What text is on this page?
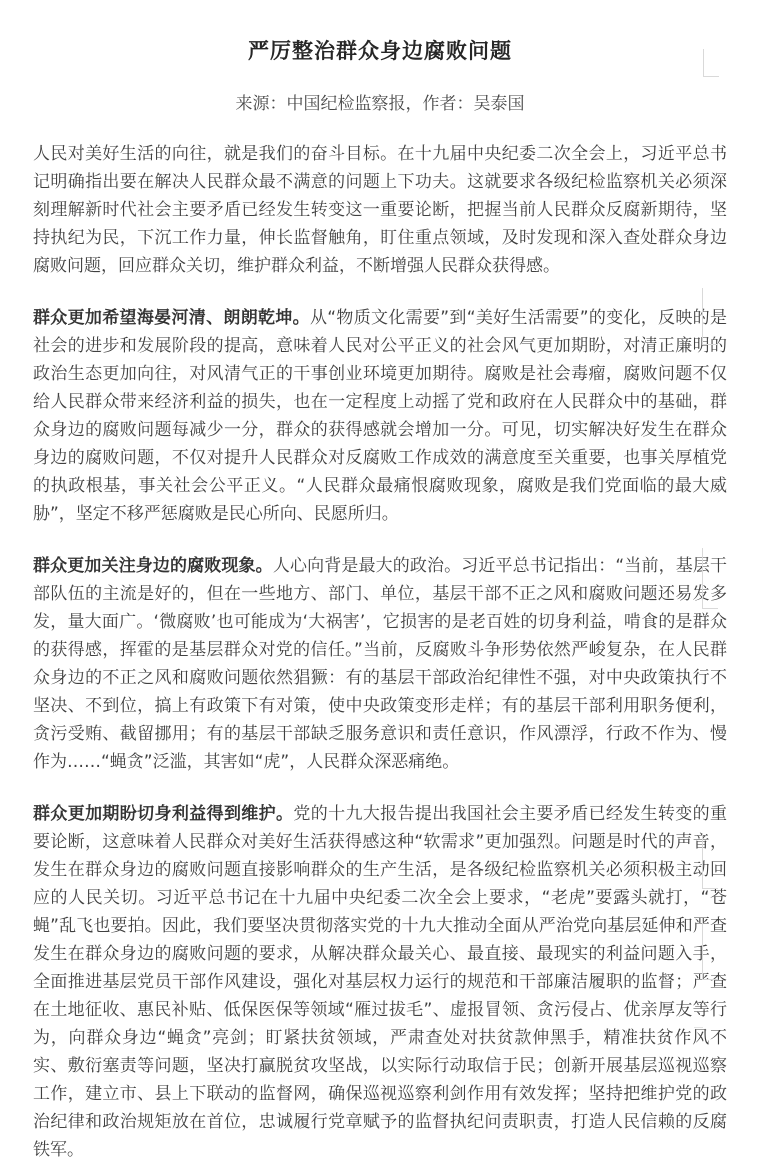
严厉整治群众身边腐败问题

来源：中国纪检监察报，作者：吴泰国

人民对美好生活的向往，就是我们的奋斗目标。在十九届中央纪委二次全会上，习近平总书记明确指出要在解决人民群众最不满意的问题上下功夫。这就要求各级纪检监察机关必须深刻理解新时代社会主要矛盾已经发生转变这一重要论断，把握当前人民群众反腐新期待，坚持执纪为民，下沉工作力量，伸长监督触角，盯住重点领域，及时发现和深入查处群众身边腐败问题，回应群众关切，维护群众利益，不断增强人民群众获得感。

群众更加希望海晏河清、朗朗乾坤。从“物质文化需要”到“美好生活需要”的变化，反映的是社会的进步和发展阶段的提高，意味着人民对公平正义的社会风气更加期盼，对清正廉明的政治生态更加向往，对风清气正的干事创业环境更加期待。腐败是社会毒瘤，腐败问题不仅给人民群众带来经济利益的损失，也在一定程度上动摇了党和政府在人民群众中的基础，群众身边的腐败问题每减少一分，群众的获得感就会增加一分。可见，切实解决好发生在群众身边的腐败问题，不仅对提升人民群众对反腐败工作成效的满意度至关重要，也事关厚植党的执政根基，事关社会公平正义。“人民群众最痛恨腐败现象，腐败是我们党面临的最大威胁”，坚定不移严惩腐败是民心所向、民愿所归。

群众更加关注身边的腐败现象。人心向背是最大的政治。习近平总书记指出：“当前，基层干部队伍的主流是好的，但在一些地方、部门、单位，基层干部不正之风和腐败问题还易发多发，量大面广。‘微腐败’也可能成为‘大祸害’，它损害的是老百姓的切身利益，啃食的是群众的获得感，挥霍的是基层群众对党的信任。”当前，反腐败斗争形势依然严峻复杂，在人民群众身边的不正之风和腐败问题依然猖獗：有的基层干部政治纪律性不强，对中央政策执行不坚决、不到位，搞上有政策下有对策，使中央政策变形走样；有的基层干部利用职务便利，贪污受贿、截留挪用；有的基层干部缺乏服务意识和责任意识，作风漂浮，行政不作为、慢作为……“蝇贪”泛滥，其害如“虎”，人民群众深恶痛绝。

群众更加期盼切身利益得到维护。党的十九大报告提出我国社会主要矛盾已经发生转变的重要论断，这意味着人民群众对美好生活获得感这种“软需求”更加强烈。问题是时代的声音，发生在群众身边的腐败问题直接影响群众的生产生活，是各级纪检监察机关必须积极主动回应的人民关切。习近平总书记在十九届中央纪委二次全会上要求，“老虎”要露头就打，“苍蝇”乱飞也要拍。因此，我们要坚决贯彻落实党的十九大推动全面从严治党向基层延伸和严查发生在群众身边的腐败问题的要求，从解决群众最关心、最直接、最现实的利益问题入手，全面推进基层党员干部作风建设，强化对基层权力运行的规范和干部廉洁履职的监督；严查在土地征收、惠民补贴、低保医保等领域“雁过拔毛”、虚报冒领、贪污侵占、优亲厚友等行为，向群众身边“蝇贪”亮剑；盯紧扶贫领域，严肃查处对扶贫款伸黑手，精准扶贫作风不实、敷衍塞责等问题，坚决打赢脱贫攻坚战，以实际行动取信于民；创新开展基层巡视巡察工作，建立市、县上下联动的监督网，确保巡视巡察利剑作用有效发挥；坚持把维护党的政治纪律和政治规矩放在首位，忠诚履行党章赋予的监督执纪问责职责，打造人民信赖的反腐铁军。
